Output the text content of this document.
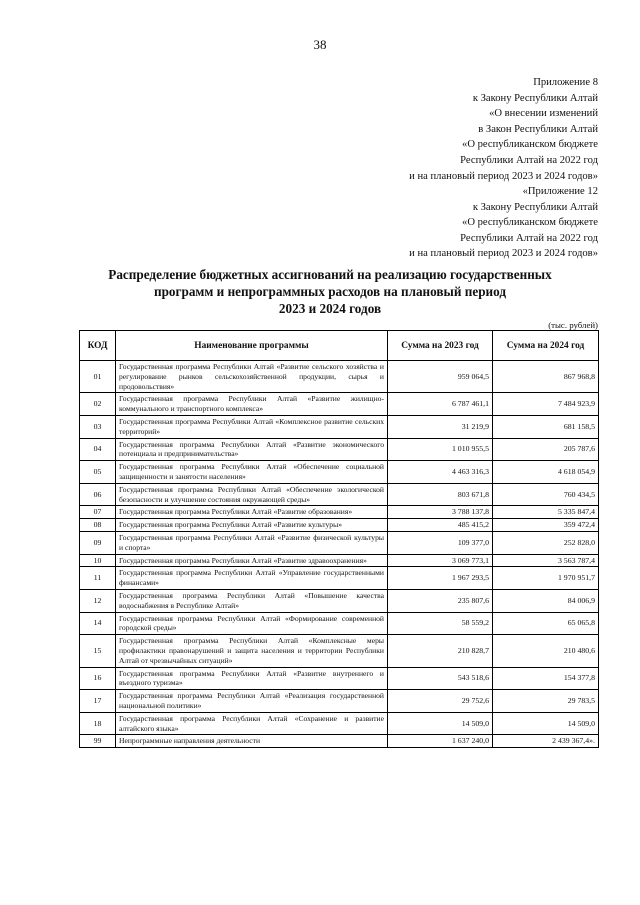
38
Приложение 8
к Закону Республики Алтай
«О внесении изменений
в Закон Республики Алтай
«О республиканском бюджете
Республики Алтай на 2022 год
и на плановый период 2023 и 2024 годов»
«Приложение 12
к Закону Республики Алтай
«О республиканском бюджете
Республики Алтай на 2022 год
и на плановый период 2023 и 2024 годов»
Распределение бюджетных ассигнований на реализацию государственных
программ и непрограммных расходов на плановый период
2023 и 2024 годов
(тыс. рублей)
КОД	Наименование программы	Сумма на 2023 год	Сумма на 2024 год
01	Государственная программа Республики Алтай «Развитие сельского хозяйства и регулирование рынков сельскохозяйственной продукции, сырья и продовольствия»	959 064,5	867 968,8
02	Государственная программа Республики Алтай «Развитие жилищно-коммунального и транспортного комплекса»	6 787 461,1	7 484 923,9
03	Государственная программа Республики Алтай «Комплексное развитие сельских территорий»	31 219,9	681 158,5
04	Государственная программа Республики Алтай «Развитие экономического потенциала и предпринимательства»	1 010 955,5	205 787,6
05	Государственная программа Республики Алтай «Обеспечение социальной защищенности и занятости населения»	4 463 316,3	4 618 054,9
06	Государственная программа Республики Алтай «Обеспечение экологической безопасности и улучшение состояния окружающей среды»	803 671,8	760 434,5
07	Государственная программа Республики Алтай «Развитие образования»	3 788 137,8	5 335 847,4
08	Государственная программа Республики Алтай «Развитие культуры»	485 415,2	359 472,4
09	Государственная программа Республики Алтай «Развитие физической культуры и спорта»	109 377,0	252 828,0
10	Государственная программа Республики Алтай «Развитие здравоохранения»	3 069 773,1	3 563 787,4
11	Государственная программа Республики Алтай «Управление государственными финансами»	1 967 293,5	1 970 951,7
12	Государственная программа Республики Алтай «Повышение качества водоснабжения в Республике Алтай»	235 807,6	84 006,9
14	Государственная программа Республики Алтай «Формирование современной городской среды»	58 559,2	65 065,8
15	Государственная программа Республики Алтай «Комплексные меры профилактики правонарушений и защита населения и территории Республики Алтай от чрезвычайных ситуаций»	210 828,7	210 480,6
16	Государственная программа Республики Алтай «Развитие внутреннего и въездного туризма»	543 518,6	154 377,8
17	Государственная программа Республики Алтай «Реализация государственной национальной политики»	29 752,6	29 783,5
18	Государственная программа Республики Алтай «Сохранение и развитие алтайского языка»	14 509,0	14 509,0
99	Непрограммные направления деятельности	1 637 240,0	2 439 367,4».
